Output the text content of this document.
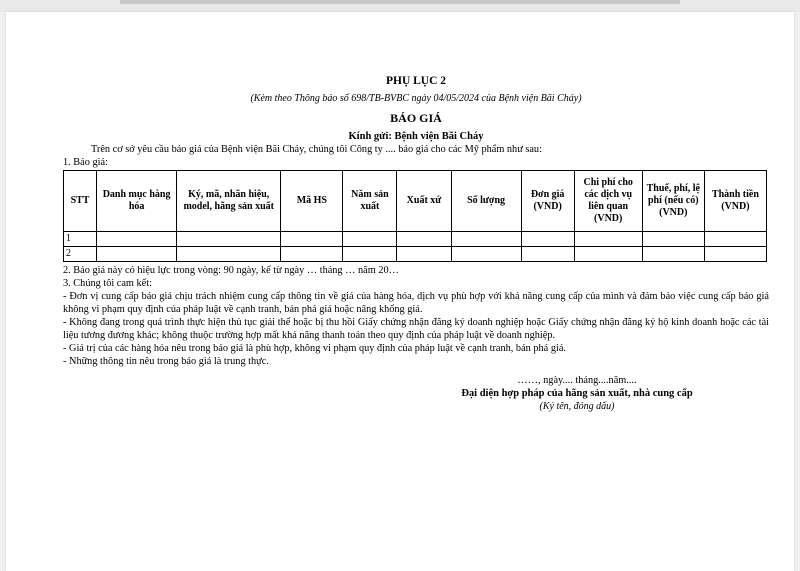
PHỤ LỤC 2
(Kèm theo Thông báo số 698/TB-BVBC ngày 04/05/2024 của Bệnh viện Bãi Cháy)
BÁO GIÁ
Kính gửi: Bệnh viện Bãi Cháy
Trên cơ sở yêu cầu báo giá của Bệnh viện Bãi Cháy, chúng tôi Công ty .... báo giá cho các Mỹ phẩm như sau:
1. Báo giá:
STT	Danh mục hàng hóa	Ký, mã, nhãn hiệu, model, hãng sản xuất	Mã HS	Năm sản xuất	Xuất xứ	Số lượng	Đơn giá (VND)	Chi phí cho các dịch vụ liên quan (VND)	Thuế, phí, lệ phí (nếu có) (VND)	Thành tiền (VND)
1										
2										
2. Báo giá này có hiệu lực trong vòng: 90 ngày, kể từ ngày … tháng … năm 20…
3. Chúng tôi cam kết:
- Đơn vị cung cấp báo giá chịu trách nhiệm cung cấp thông tin về giá của hàng hóa, dịch vụ phù hợp với khả năng cung cấp của mình và đảm bảo việc cung cấp báo giá không vi phạm quy định của pháp luật về cạnh tranh, bán phá giá hoặc nâng khống giá.
- Không đang trong quá trình thực hiện thủ tục giải thể hoặc bị thu hồi Giấy chứng nhận đăng ký doanh nghiệp hoặc Giấy chứng nhận đăng ký hộ kinh doanh hoặc các tài liệu tương đương khác; không thuộc trường hợp mất khả năng thanh toán theo quy định của pháp luật về doanh nghiệp.
- Giá trị của các hàng hóa nêu trong báo giá là phù hợp, không vi phạm quy định của pháp luật về cạnh tranh, bán phá giá.
- Những thông tin nêu trong báo giá là trung thực.
……, ngày.... tháng....năm....
Đại diện hợp pháp của hãng sản xuất, nhà cung cấp
(Ký tên, đóng dấu)
